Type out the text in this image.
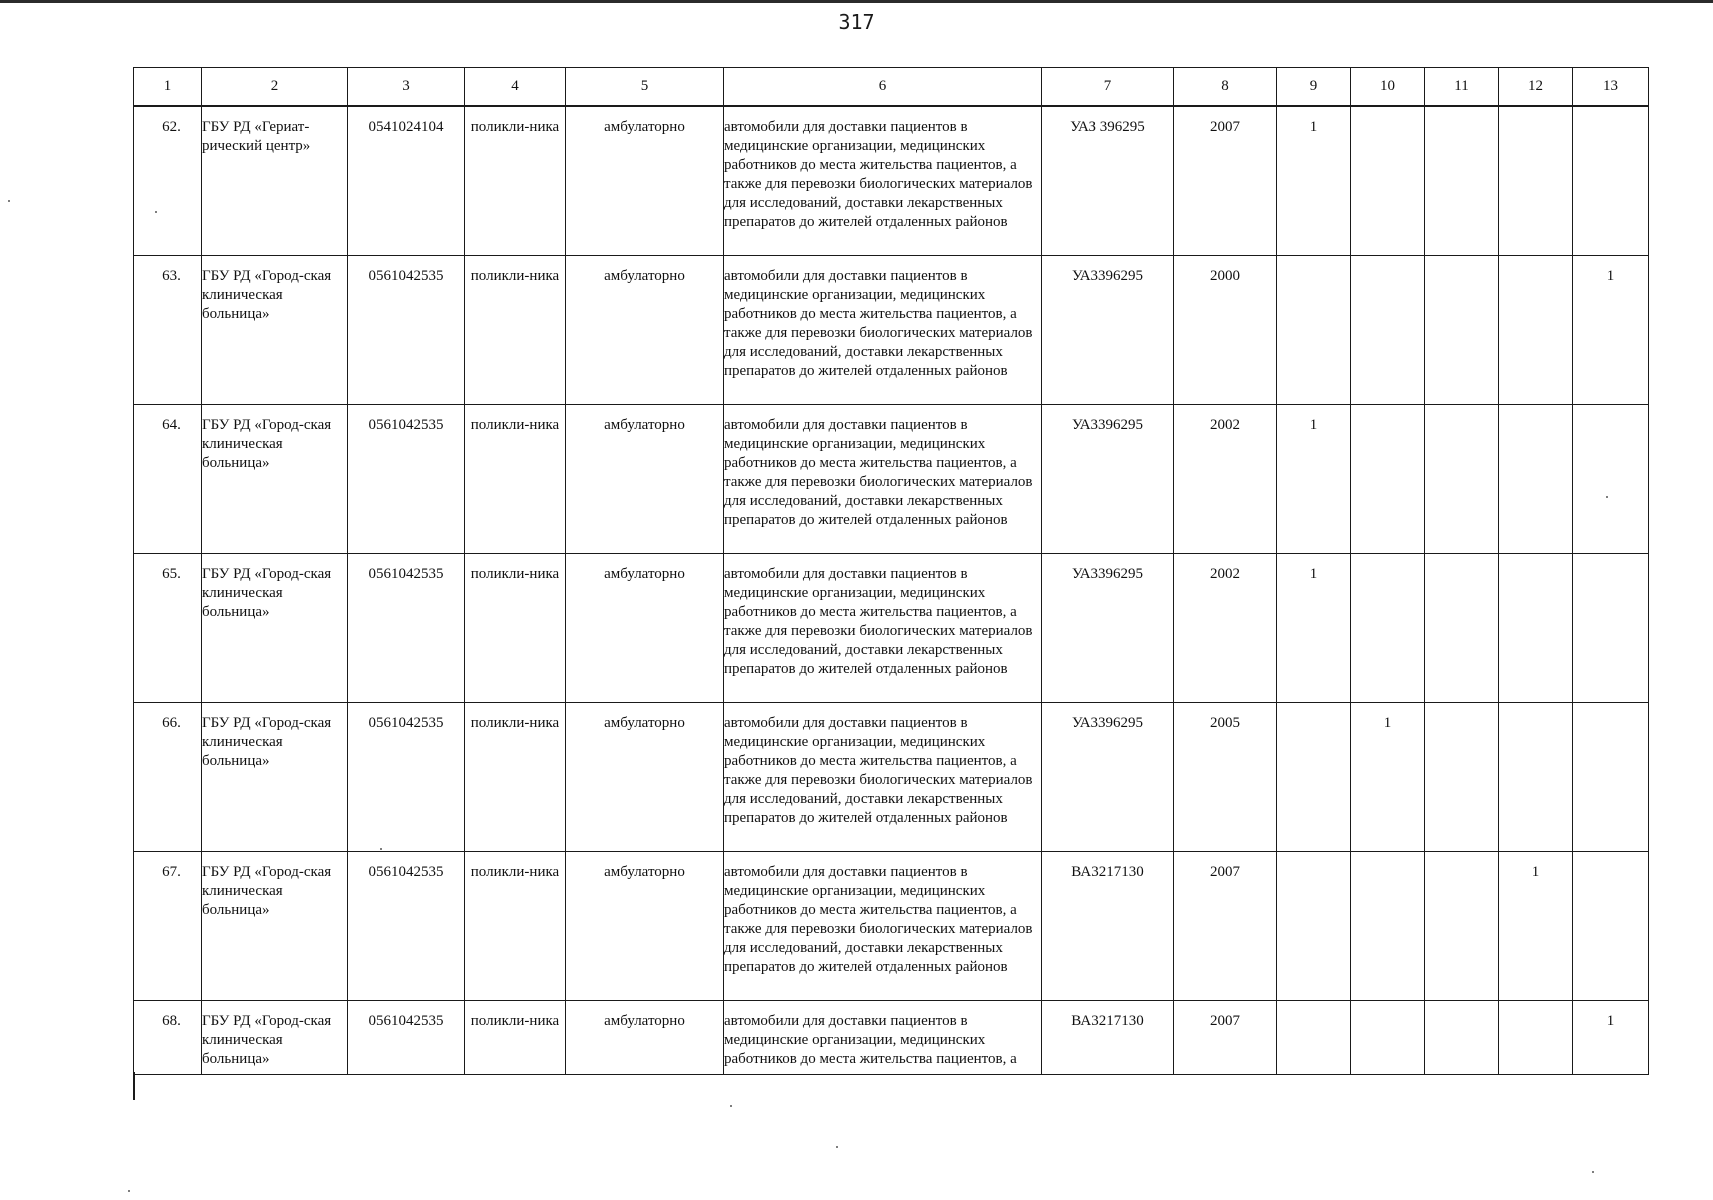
317
1	2	3	4	5	6	7	8	9	10	11	12	13

62.	ГБУ РД «Гериат-рический центр»	0541024104	поликли-ника	амбулаторно	автомобили для доставки пациентов в медицинские организации, медицинских работников до места жительства пациентов, а также для перевозки биологических материалов для исследований, доставки лекарственных препаратов до жителей отдаленных районов	УАЗ 396295	2007	1				

63.	ГБУ РД «Город-ская клиническая больница»	0561042535	поликли-ника	амбулаторно	автомобили для доставки пациентов в медицинские организации, медицинских работников до места жительства пациентов, а также для перевозки биологических материалов для исследований, доставки лекарственных препаратов до жителей отдаленных районов	УА3396295	2000					1

64.	ГБУ РД «Город-ская клиническая больница»	0561042535	поликли-ника	амбулаторно	автомобили для доставки пациентов в медицинские организации, медицинских работников до места жительства пациентов, а также для перевозки биологических материалов для исследований, доставки лекарственных препаратов до жителей отдаленных районов	УА3396295	2002	1				

65.	ГБУ РД «Город-ская клиническая больница»	0561042535	поликли-ника	амбулаторно	автомобили для доставки пациентов в медицинские организации, медицинских работников до места жительства пациентов, а также для перевозки биологических материалов для исследований, доставки лекарственных препаратов до жителей отдаленных районов	УА3396295	2002	1				

66.	ГБУ РД «Город-ская клиническая больница»	0561042535	поликли-ника	амбулаторно	автомобили для доставки пациентов в медицинские организации, медицинских работников до места жительства пациентов, а также для перевозки биологических материалов для исследований, доставки лекарственных препаратов до жителей отдаленных районов	УА3396295	2005		1			

67.	ГБУ РД «Город-ская клиническая больница»	0561042535	поликли-ника	амбулаторно	автомобили для доставки пациентов в медицинские организации, медицинских работников до места жительства пациентов, а также для перевозки биологических материалов для исследований, доставки лекарственных препаратов до жителей отдаленных районов	ВА3217130	2007				1	

68.	ГБУ РД «Город-ская клиническая больница»	0561042535	поликли-ника	амбулаторно	автомобили для доставки пациентов в медицинские организации, медицинских работников до места жительства пациентов, а	ВА3217130	2007					1
